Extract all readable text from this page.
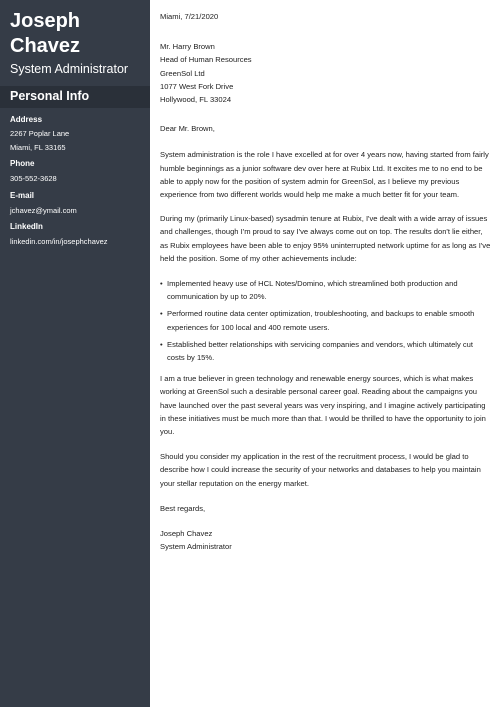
Joseph
Chavez
System Administrator
Personal Info
Address
2267 Poplar Lane
Miami, FL 33165
Phone
305-552-3628
E-mail
jchavez@ymail.com
LinkedIn
linkedin.com/in/josephchavez

Miami, 7/21/2020

Mr. Harry Brown

Head of Human Resources

GreenSol Ltd

1077 West Fork Drive

Hollywood, FL 33024

Dear Mr. Brown,

System administration is the role I have excelled at for over 4 years now, having started from fairly

humble beginnings as a junior software dev over here at Rubix Ltd. It excites me to no end to be

able to apply now for the position of system admin for GreenSol, as I believe my previous

experience from two different worlds would help me make a much better fit for your team.

During my (primarily Linux-based) sysadmin tenure at Rubix, I've dealt with a wide array of issues

and challenges, though I'm proud to say I've always come out on top. The results don't lie either,

as Rubix employees have been able to enjoy 95% uninterrupted network uptime for as long as I've

held the position. Some of my other achievements include:

• Implemented heavy use of HCL Notes/Domino, which streamlined both production and

communication by up to 20%.

• Performed routine data center optimization, troubleshooting, and backups to enable smooth

experiences for 100 local and 400 remote users.

• Established better relationships with servicing companies and vendors, which ultimately cut

costs by 15%.

I am a true believer in green technology and renewable energy sources, which is what makes

working at GreenSol such a desirable personal career goal. Reading about the campaigns you

have launched over the past several years was very inspiring, and I imagine actively participating

in these initiatives must be much more than that. I would be thrilled to have the opportunity to join

you.

Should you consider my application in the rest of the recruitment process, I would be glad to

describe how I could increase the security of your networks and databases to help you maintain

your stellar reputation on the energy market.

Best regards,

Joseph Chavez

System Administrator
